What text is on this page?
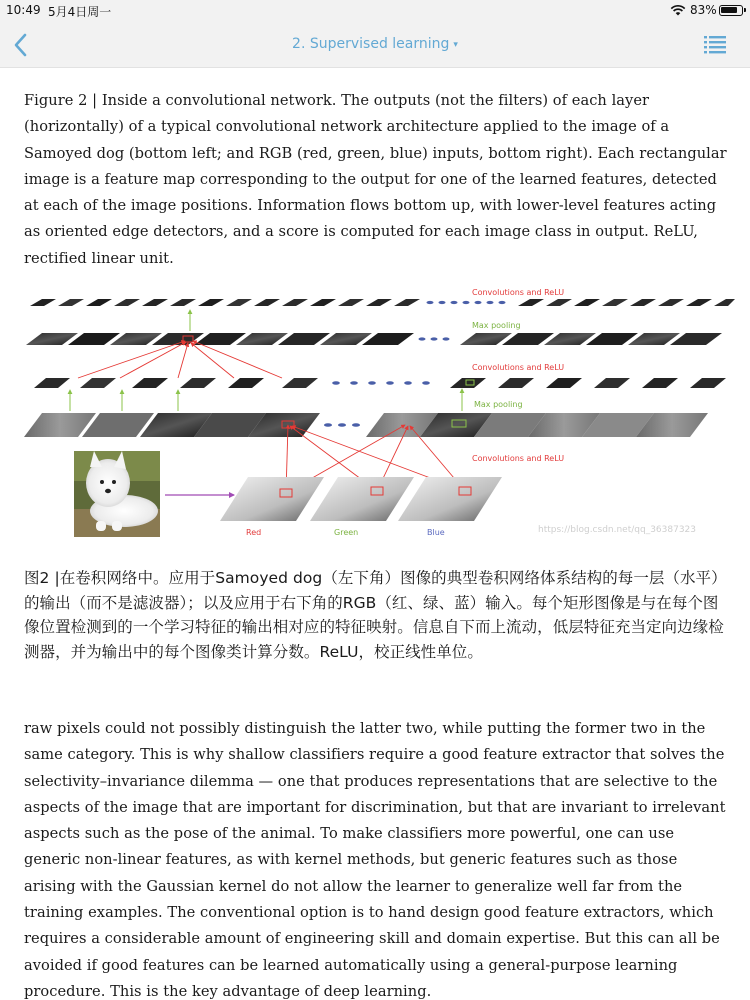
10:49 5月4日周一	83%
2. Supervised learning ▾

Figure 2 | Inside a convolutional network. The outputs (not the filters) of each layer (horizontally) of a typical convolutional network architecture applied to the image of a Samoyed dog (bottom left; and RGB (red, green, blue) inputs, bottom right). Each rectangular image is a feature map corresponding to the output for one of the learned features, detected at each of the image positions. Information flows bottom up, with lower-level features acting as oriented edge detectors, and a score is computed for each image class in output. ReLU, rectified linear unit.

Convolutions and ReLU
Max pooling
Convolutions and ReLU
Max pooling
Convolutions and ReLU
Red	Green	Blue	https://blog.csdn.net/qq_36387323

图2 |在卷积网络中。应用于Samoyed dog（左下角）图像的典型卷积网络体系结构的每一层（水平）的输出（而不是滤波器）；以及应用于右下角的RGB（红、绿、蓝）输入。每个矩形图像是与在每个图像位置检测到的一个学习特征的输出相对应的特征映射。信息自下而上流动，低层特征充当定向边缘检测器，并为输出中的每个图像类计算分数。ReLU，校正线性单位。

raw pixels could not possibly distinguish the latter two, while putting the former two in the same category. This is why shallow classifiers require a good feature extractor that solves the selectivity–invariance dilemma — one that produces representations that are selective to the aspects of the image that are important for discrimination, but that are invariant to irrelevant aspects such as the pose of the animal. To make classifiers more powerful, one can use generic non-linear features, as with kernel methods, but generic features such as those arising with the Gaussian kernel do not allow the learner to generalize well far from the training examples. The conventional option is to hand design good feature extractors, which requires a considerable amount of engineering skill and domain expertise. But this can all be avoided if good features can be learned automatically using a general-purpose learning procedure. This is the key advantage of deep learning.
